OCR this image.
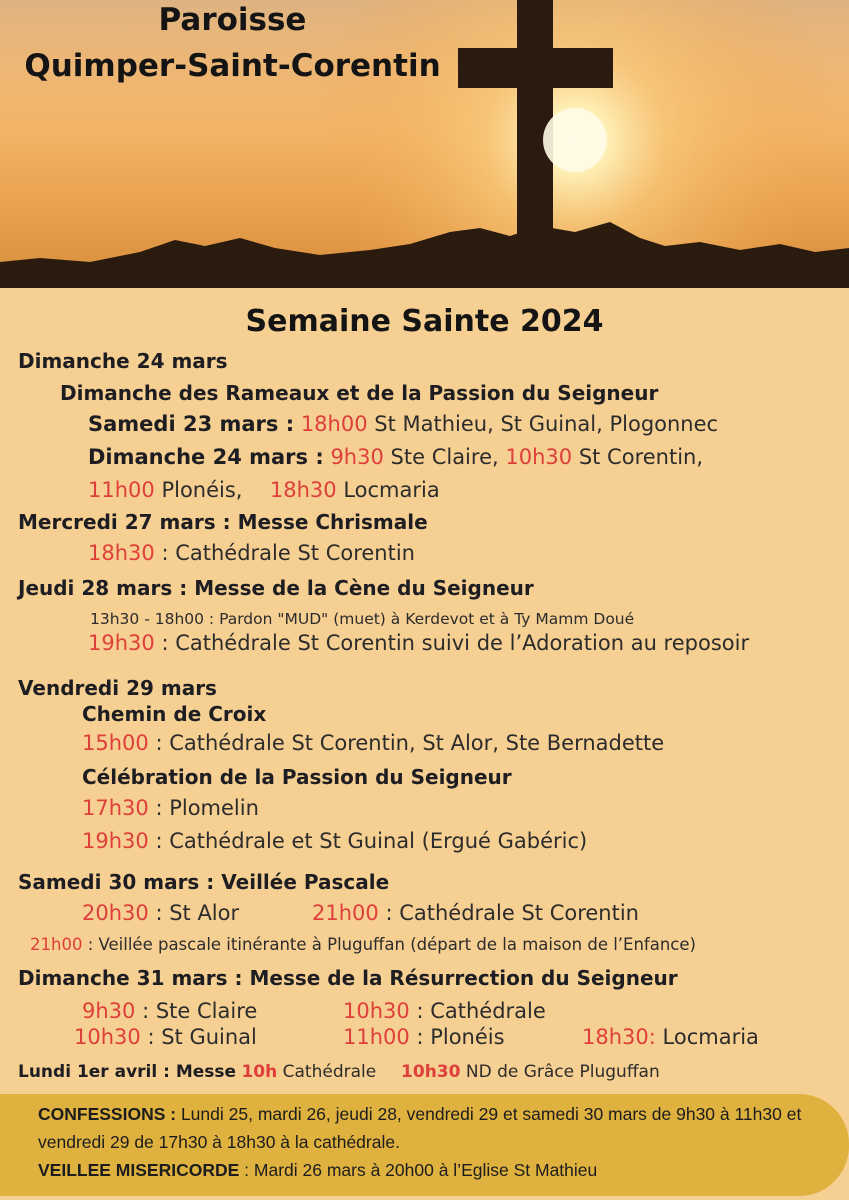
Paroisse
Quimper-Saint-Corentin
Semaine Sainte 2024
Dimanche 24 mars
Dimanche des Rameaux et de la Passion du Seigneur
Samedi 23 mars : 18h00 St Mathieu, St Guinal, Plogonnec
Dimanche 24 mars : 9h30 Ste Claire, 10h30 St Corentin,
11h00 Plonéis, 18h30 Locmaria
Mercredi 27 mars : Messe Chrismale
18h30 : Cathédrale St Corentin
Jeudi 28 mars : Messe de la Cène du Seigneur
13h30 - 18h00 : Pardon "MUD" (muet) à Kerdevot et à Ty Mamm Doué
19h30 : Cathédrale St Corentin suivi de l’Adoration au reposoir
Vendredi 29 mars
Chemin de Croix
15h00 : Cathédrale St Corentin, St Alor, Ste Bernadette
Célébration de la Passion du Seigneur
17h30 : Plomelin
19h30 : Cathédrale et St Guinal (Ergué Gabéric)
Samedi 30 mars : Veillée Pascale
20h30 : St Alor	21h00 : Cathédrale St Corentin
21h00 : Veillée pascale itinérante à Pluguffan (départ de la maison de l’Enfance)
Dimanche 31 mars : Messe de la Résurrection du Seigneur
9h30 : Ste Claire	10h30 : Cathédrale
10h30 : St Guinal	11h00 : Plonéis	18h30: Locmaria
Lundi 1er avril : Messe 10h Cathédrale 10h30 ND de Grâce Pluguffan
CONFESSIONS : Lundi 25, mardi 26, jeudi 28, vendredi 29 et samedi 30 mars de 9h30 à 11h30 et vendredi 29 de 17h30 à 18h30 à la cathédrale.
VEILLEE MISERICORDE : Mardi 26 mars à 20h00 à l’Eglise St Mathieu
